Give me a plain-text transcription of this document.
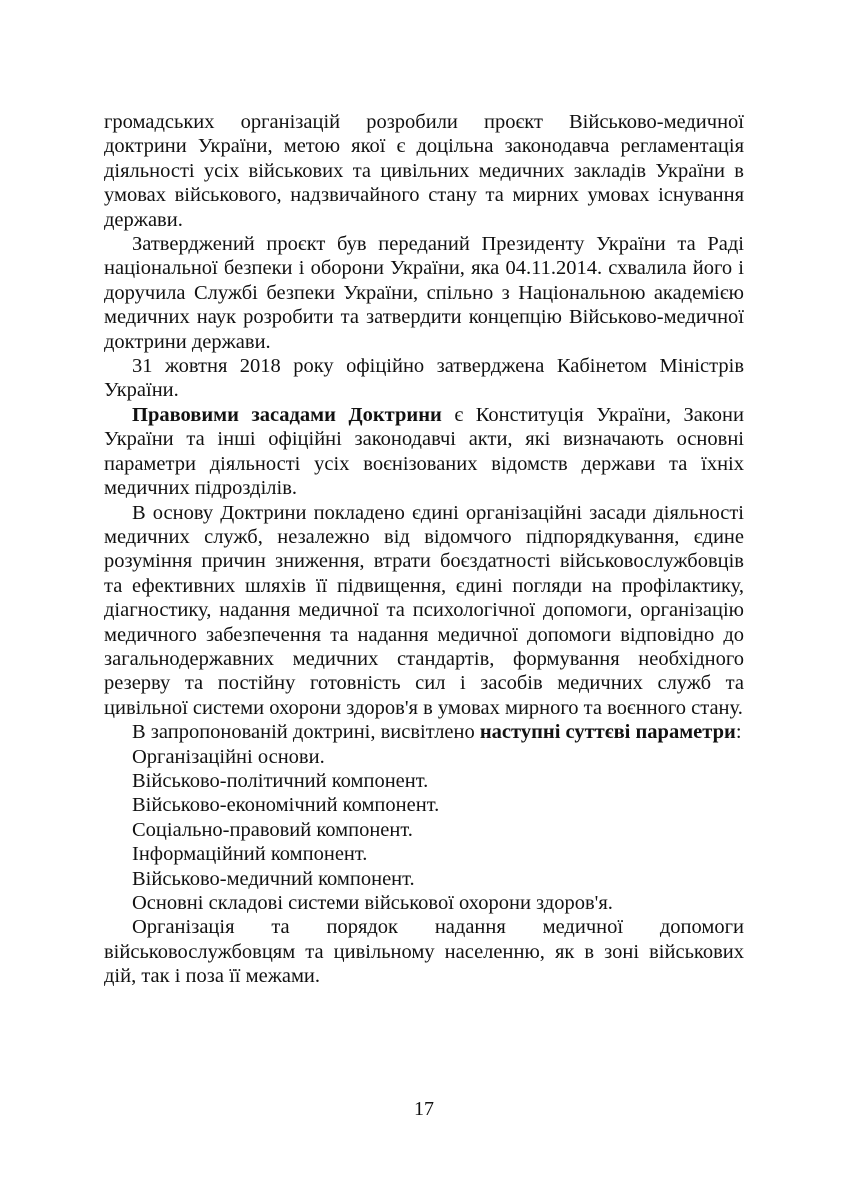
громадських організацій розробили проєкт Військово-медичної доктрини України, метою якої є доцільна законодавча регламентація діяльності усіх військових та цивільних медичних закладів України в умовах військового, надзвичайного стану та мирних умовах існування держави.

Затверджений проєкт був переданий Президенту України та Раді національної безпеки і оборони України, яка 04.11.2014. схвалила його і доручила Службі безпеки України, спільно з Національною академією медичних наук розробити та затвердити концепцію Військово-медичної доктрини держави.

31 жовтня 2018 року офіційно затверджена Кабінетом Міністрів України.

Правовими засадами Доктрини є Конституція України, Закони України та інші офіційні законодавчі акти, які визначають основні параметри діяльності усіх воєнізованих відомств держави та їхніх медичних підрозділів.

В основу Доктрини покладено єдині організаційні засади діяльності медичних служб, незалежно від відомчого підпорядкування, єдине розуміння причин зниження, втрати боєздатності військовослужбовців та ефективних шляхів її підвищення, єдині погляди на профілактику, діагностику, надання медичної та психологічної допомоги, організацію медичного забезпечення та надання медичної допомоги відповідно до загальнодержавних медичних стандартів, формування необхідного резерву та постійну готовність сил і засобів медичних служб та цивільної системи охорони здоров'я в умовах мирного та воєнного стану.

В запропонованій доктрині, висвітлено наступні суттєві параметри:

Організаційні основи.

Військово-політичний компонент.

Військово-економічний компонент.

Соціально-правовий компонент.

Інформаційний компонент.

Військово-медичний компонент.

Основні складові системи військової охорони здоров'я.

Організація та порядок надання медичної допомоги військовослужбовцям та цивільному населенню, як в зоні військових дій, так і поза її межами.

17
